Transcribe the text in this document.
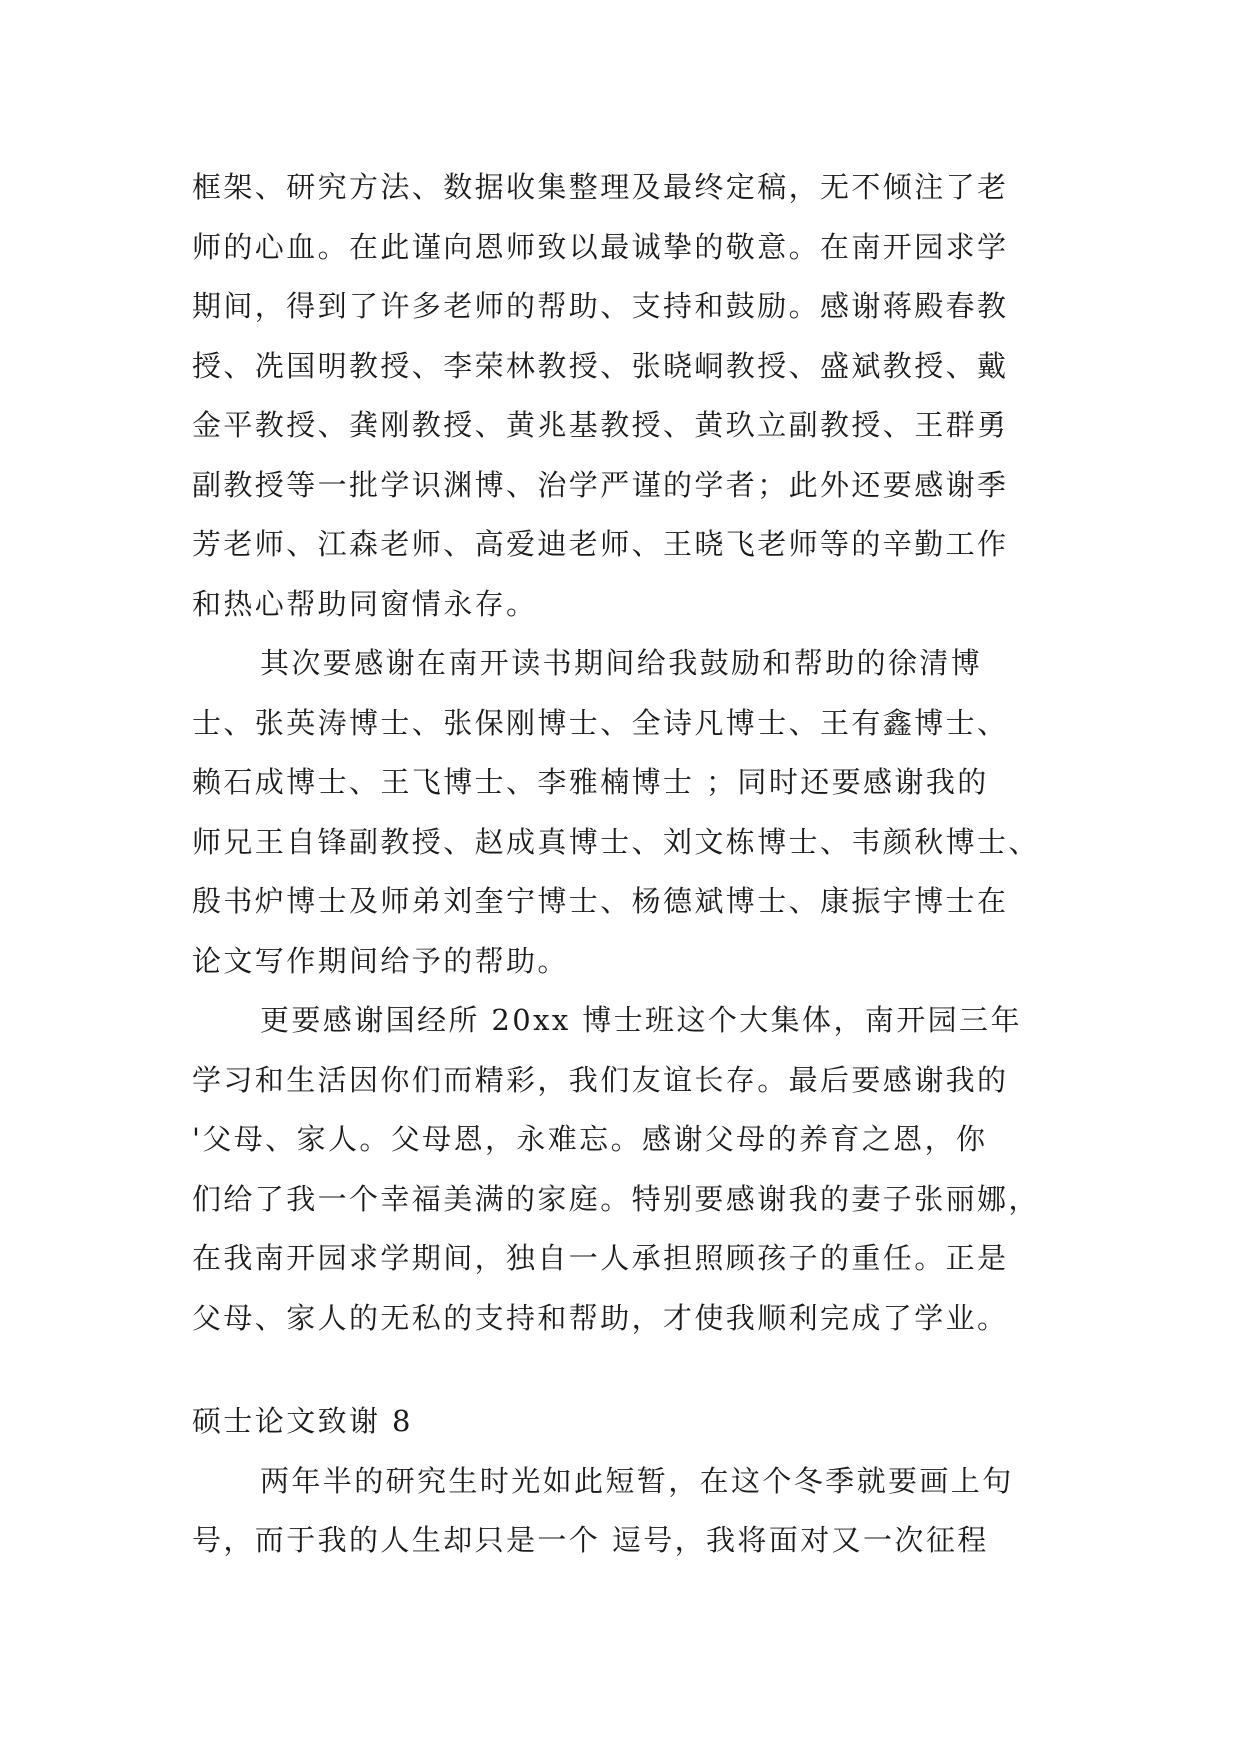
框架、研究方法、数据收集整理及最终定稿，无不倾注了老
师的心血。在此谨向恩师致以最诚挚的敬意。在南开园求学
期间，得到了许多老师的帮助、支持和鼓励。感谢蒋殿春教
授、冼国明教授、李荣林教授、张晓峒教授、盛斌教授、戴
金平教授、龚刚教授、黄兆基教授、黄玖立副教授、王群勇
副教授等一批学识渊博、治学严谨的学者；此外还要感谢季
芳老师、江森老师、高爱迪老师、王晓飞老师等的辛勤工作
和热心帮助同窗情永存。

其次要感谢在南开读书期间给我鼓励和帮助的徐清博
士、张英涛博士、张保刚博士、全诗凡博士、王有鑫博士、
赖石成博士、王飞博士、李雅楠博士 ；同时还要感谢我的
师兄王自锋副教授、赵成真博士、刘文栋博士、韦颜秋博士、
殷书炉博士及师弟刘奎宁博士、杨德斌博士、康振宇博士在
论文写作期间给予的帮助。

更要感谢国经所 20xx 博士班这个大集体，南开园三年
学习和生活因你们而精彩，我们友谊长存。最后要感谢我的
'父母、家人。父母恩，永难忘。感谢父母的养育之恩，你
们给了我一个幸福美满的家庭。特别要感谢我的妻子张丽娜，
在我南开园求学期间，独自一人承担照顾孩子的重任。正是
父母、家人的无私的支持和帮助，才使我顺利完成了学业。

硕士论文致谢 8

两年半的研究生时光如此短暂，在这个冬季就要画上句
号，而于我的人生却只是一个 逗号，我将面对又一次征程
